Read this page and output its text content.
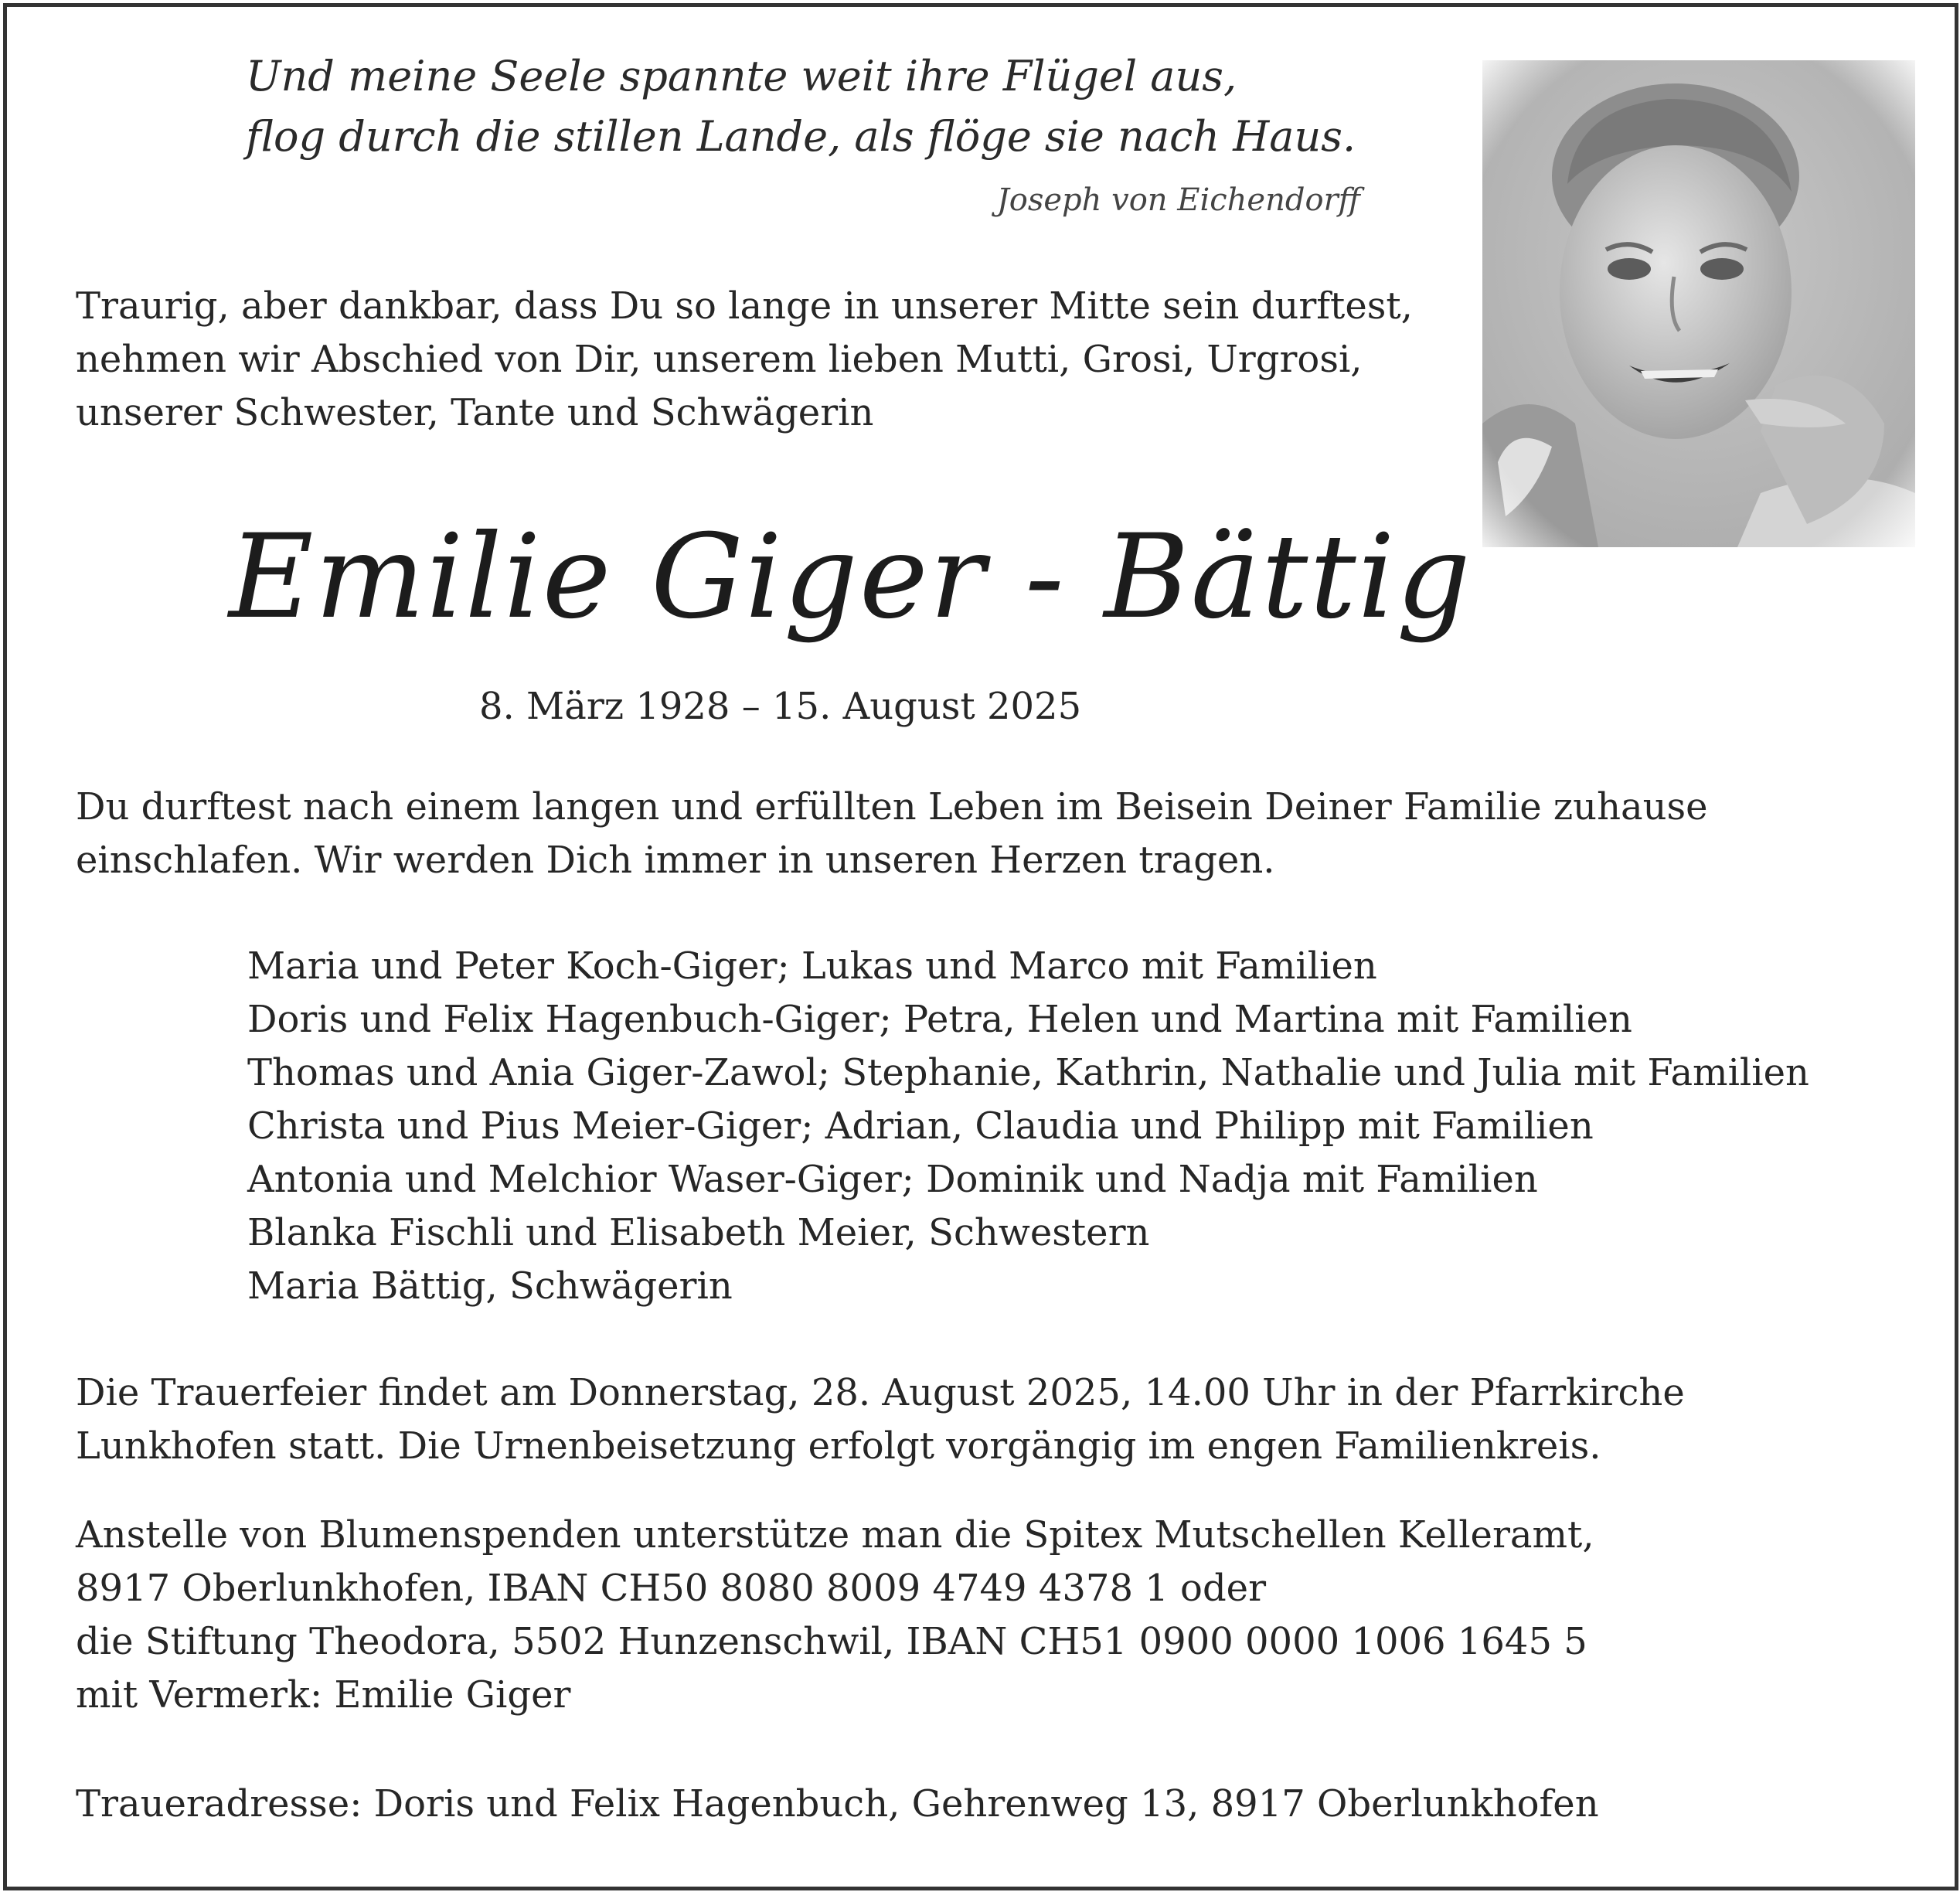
Und meine Seele spannte weit ihre Flügel aus,
flog durch die stillen Lande, als flöge sie nach Haus.
Joseph von Eichendorff
Traurig, aber dankbar, dass Du so lange in unserer Mitte sein durftest,
nehmen wir Abschied von Dir, unserem lieben Mutti, Grosi, Urgrosi,
unserer Schwester, Tante und Schwägerin
Emilie Giger - Bättig
8. März 1928 – 15. August 2025
Du durftest nach einem langen und erfüllten Leben im Beisein Deiner Familie zuhause
einschlafen. Wir werden Dich immer in unseren Herzen tragen.
Maria und Peter Koch-Giger; Lukas und Marco mit Familien
Doris und Felix Hagenbuch-Giger; Petra, Helen und Martina mit Familien
Thomas und Ania Giger-Zawol; Stephanie, Kathrin, Nathalie und Julia mit Familien
Christa und Pius Meier-Giger; Adrian, Claudia und Philipp mit Familien
Antonia und Melchior Waser-Giger; Dominik und Nadja mit Familien
Blanka Fischli und Elisabeth Meier, Schwestern
Maria Bättig, Schwägerin
Die Trauerfeier findet am Donnerstag, 28. August 2025, 14.00 Uhr in der Pfarrkirche
Lunkhofen statt. Die Urnenbeisetzung erfolgt vorgängig im engen Familienkreis.
Anstelle von Blumenspenden unterstütze man die Spitex Mutschellen Kelleramt,
8917 Oberlunkhofen, IBAN CH50 8080 8009 4749 4378 1 oder
die Stiftung Theodora, 5502 Hunzenschwil, IBAN CH51 0900 0000 1006 1645 5
mit Vermerk: Emilie Giger
Traueradresse: Doris und Felix Hagenbuch, Gehrenweg 13, 8917 Oberlunkhofen
